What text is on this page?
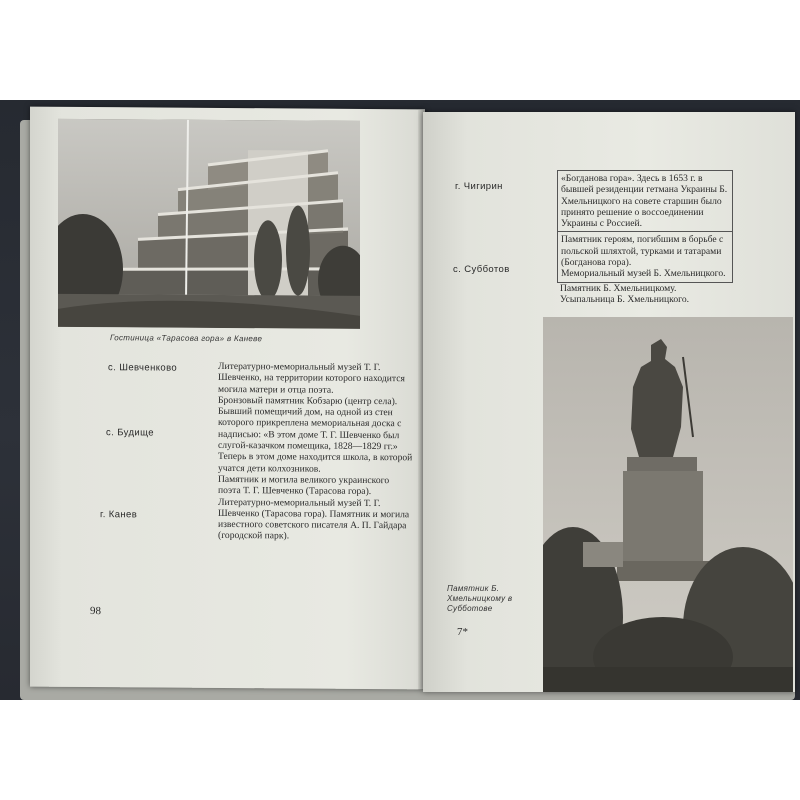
Гостиница «Тарасова гора» в Каневе
с. Шевченково
с. Будище
г. Канев

Литературно-мемориальный музей Т. Г. Шевченко, на территории которого находится могила матери и отца поэта.

Бронзовый памятник Кобзарю (центр села).

Бывший помещичий дом, на одной из стен которого прикреплена мемориальная доска с надписью: «В этом доме Т. Г. Шевченко был слугой-казачком помещика, 1828—1829 гг.» Теперь в этом доме находится школа, в которой учатся дети колхозников.

Памятник и могила великого украинского поэта Т. Г. Шевченко (Тарасова гора).

Литературно-мемориальный музей Т. Г. Шевченко (Тарасова гора). Памятник и могила известного советского писателя А. П. Гайдара (городской парк).

98
г. Чигирин
с. Субботов

«Богданова гора». Здесь в 1653 г. в бывшей резиденции гетмана Украины Б. Хмельницкого на совете старшин было принято решение о воссоединении Украины с Россией.

Памятник героям, погибшим в борьбе с польской шляхтой, турками и татарами (Богданова гора).

Мемориальный музей Б. Хмельницкого.

Памятник Б. Хмельницкому.

Усыпальница Б. Хмельницкого.

Памятник Б. Хмельницкому в Субботове
7*
